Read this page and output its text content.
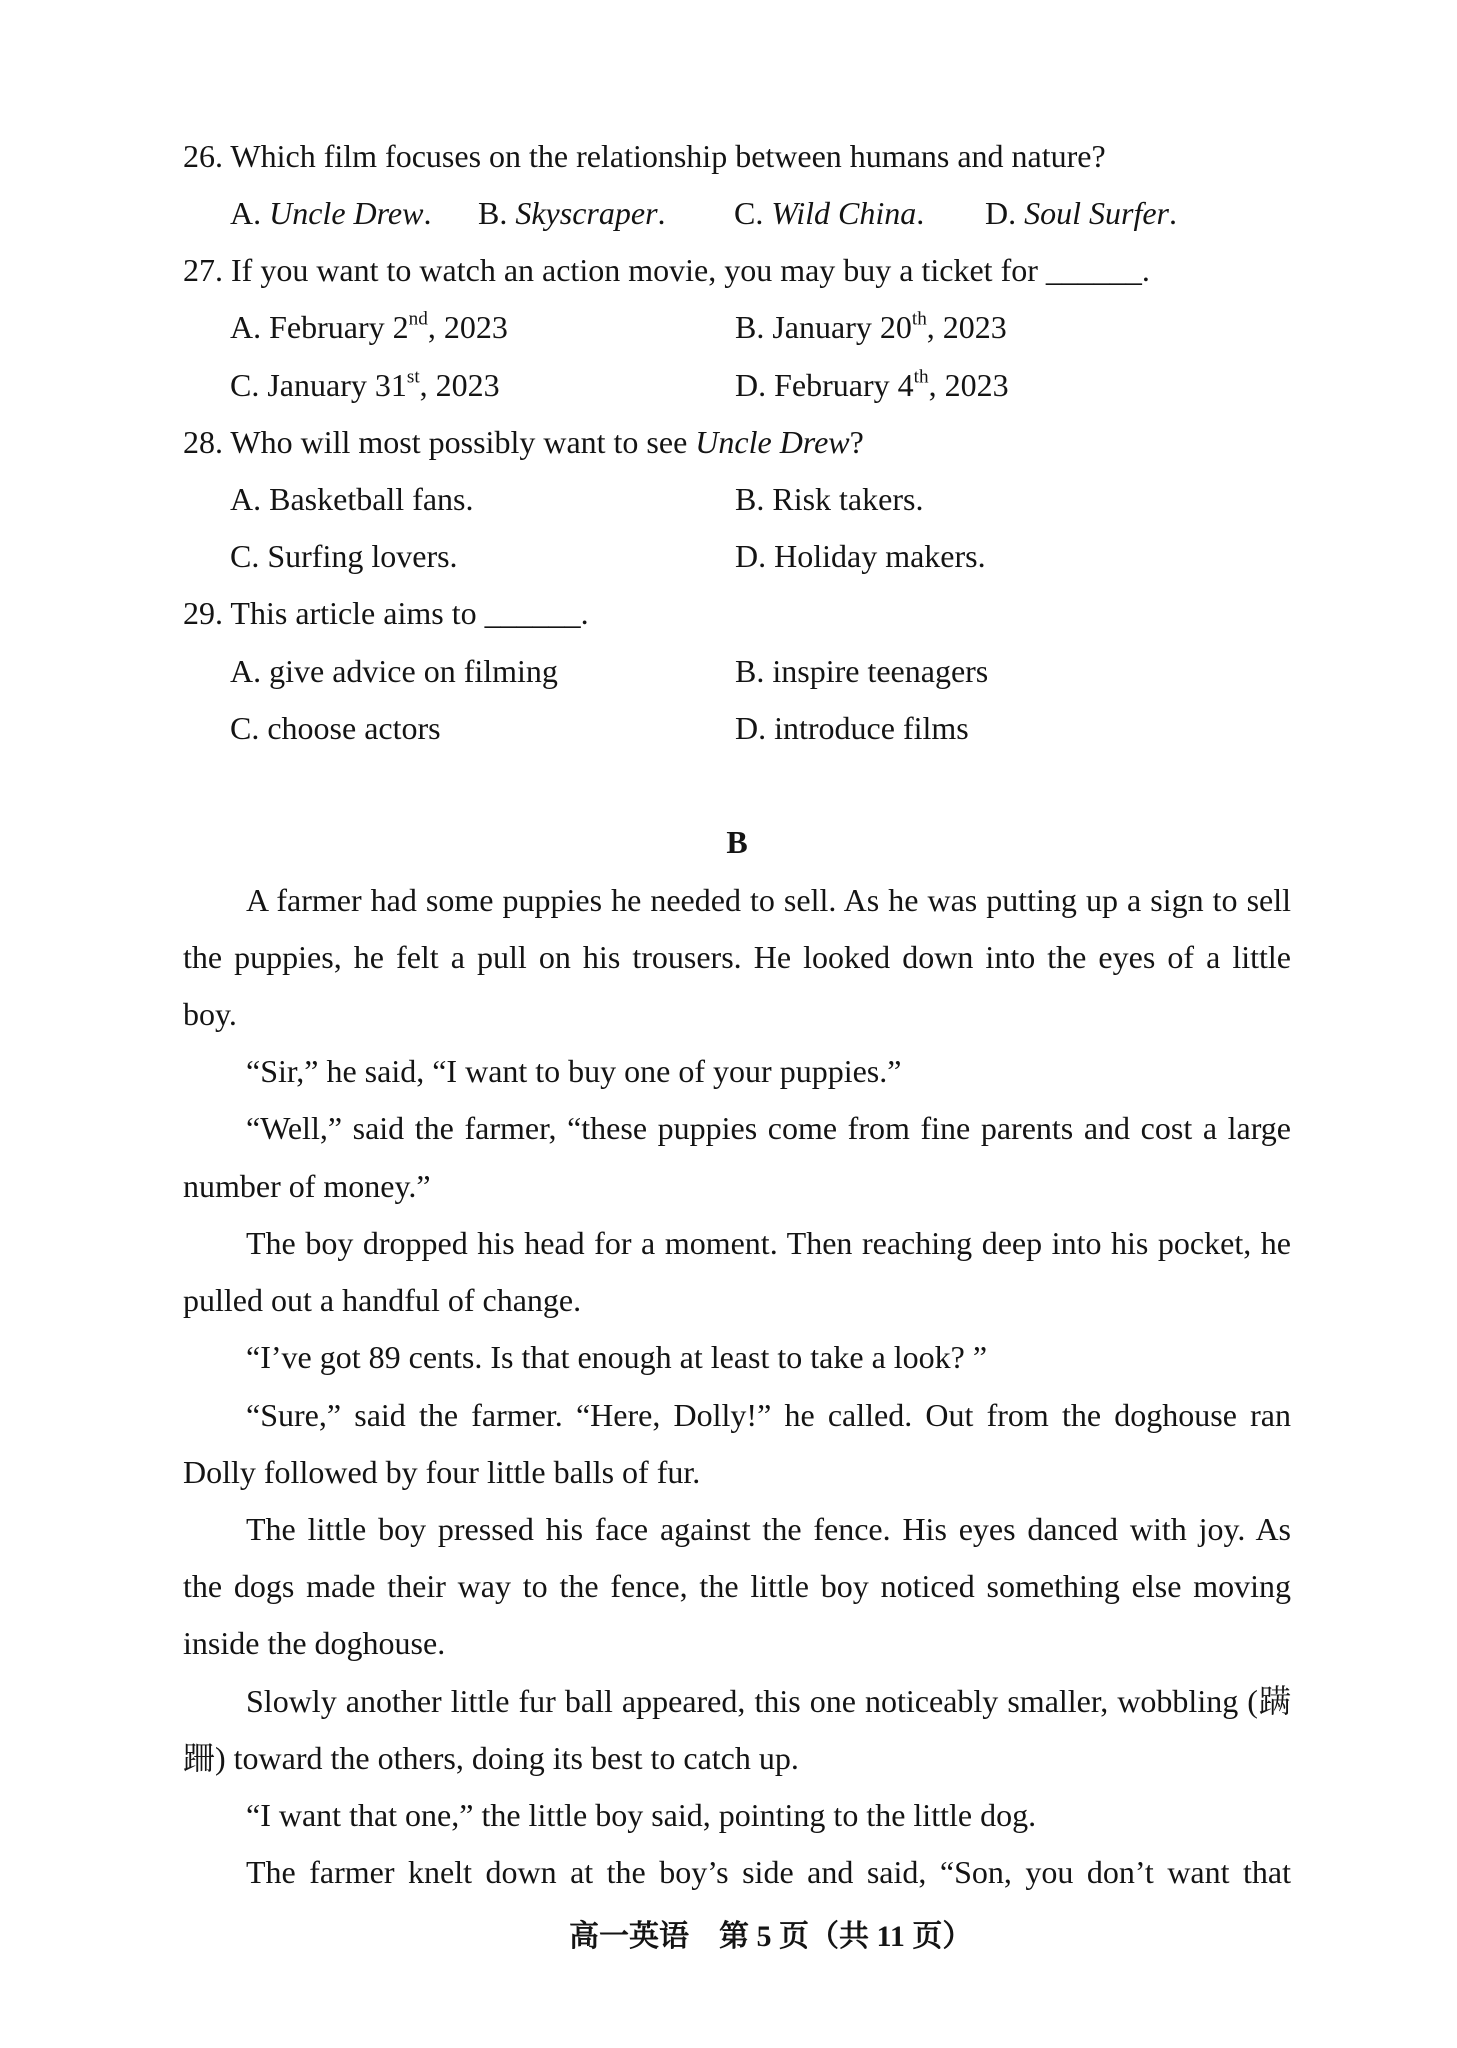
26. Which film focuses on the relationship between humans and nature?
A. Uncle Drew. B. Skyscraper. C. Wild China. D. Soul Surfer.
27. If you want to watch an action movie, you may buy a ticket for ______.
A. February 2nd, 2023	B. January 20th, 2023
C. January 31st, 2023	D. February 4th, 2023
28. Who will most possibly want to see Uncle Drew?
A. Basketball fans.	B. Risk takers.
C. Surfing lovers.	D. Holiday makers.
29. This article aims to ______.
A. give advice on filming	B. inspire teenagers
C. choose actors	D. introduce films
B
A farmer had some puppies he needed to sell. As he was putting up a sign to sell
the puppies, he felt a pull on his trousers. He looked down into the eyes of a little
boy.
“Sir,” he said, “I want to buy one of your puppies.”
“Well,” said the farmer, “these puppies come from fine parents and cost a large
number of money.”
The boy dropped his head for a moment. Then reaching deep into his pocket, he
pulled out a handful of change.
“I’ve got 89 cents. Is that enough at least to take a look? ”
“Sure,” said the farmer. “Here, Dolly!” he called. Out from the doghouse ran
Dolly followed by four little balls of fur.
The little boy pressed his face against the fence. His eyes danced with joy. As
the dogs made their way to the fence, the little boy noticed something else moving
inside the doghouse.
Slowly another little fur ball appeared, this one noticeably smaller, wobbling (蹒
跚) toward the others, doing its best to catch up.
“I want that one,” the little boy said, pointing to the little dog.
The farmer knelt down at the boy’s side and said, “Son, you don’t want that
高一英语　第 5 页（共 11 页）
